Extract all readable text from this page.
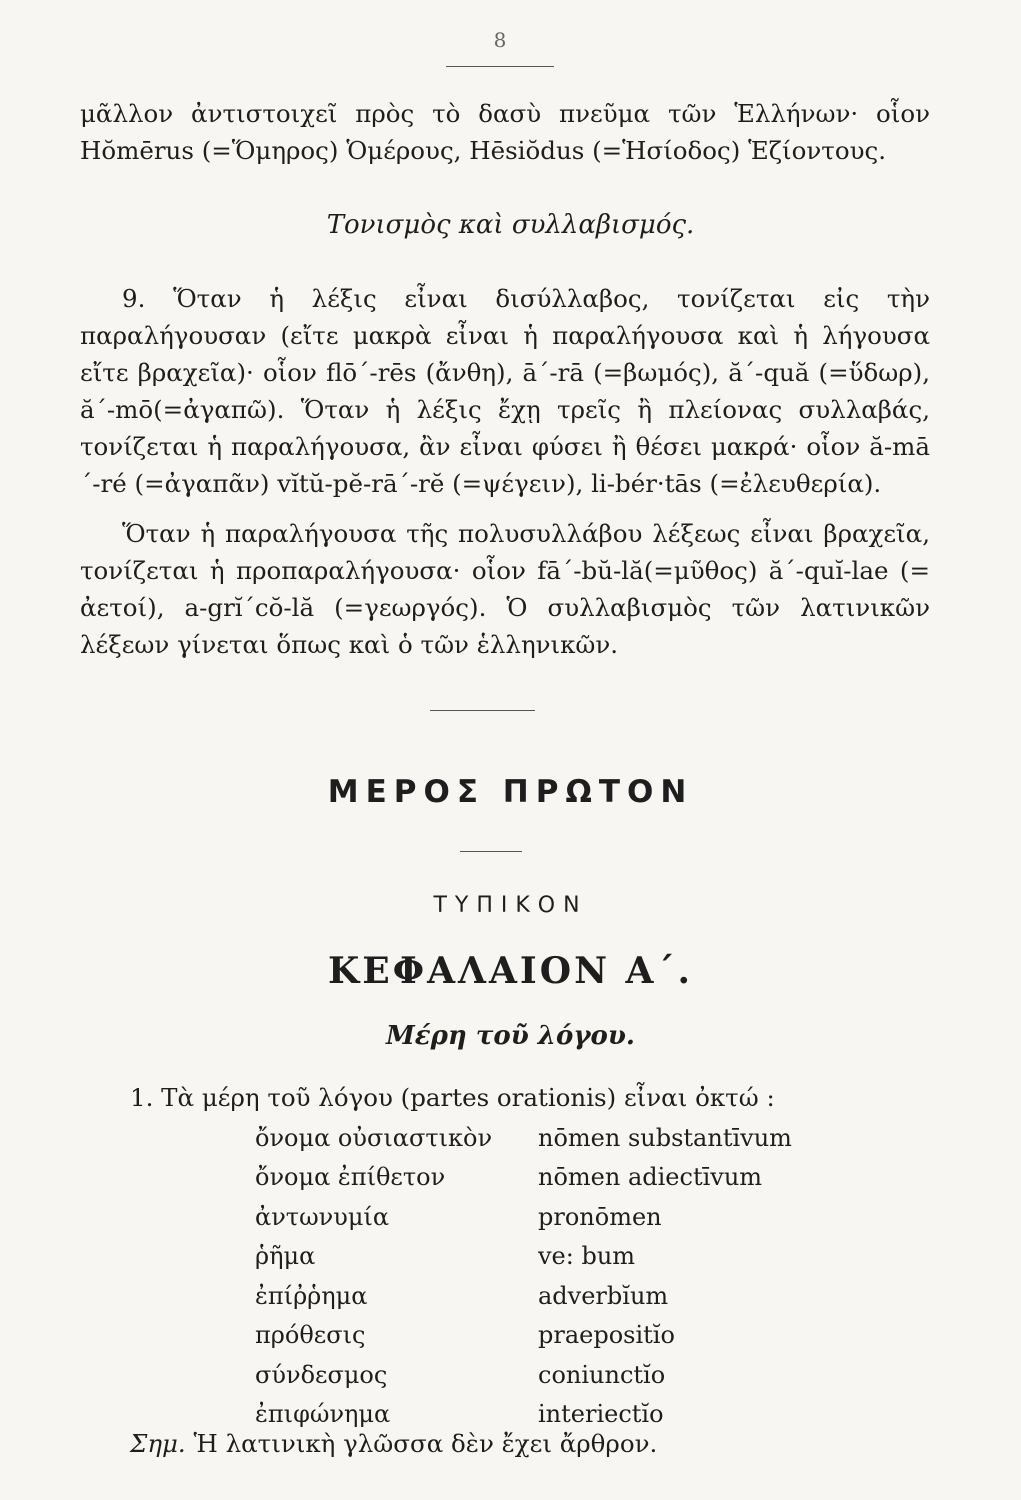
8

μᾶλλον ἀντιστοιχεῖ πρὸς τὸ δασὺ πνεῦμα τῶν Ἑλλήνων· οἷον Hŏmērus (=Ὅμηρος) Ὁμέρους, Hēsiŏdus (=Ἡσίοδος) Ἑζίοντους.

Τονισμὸς καὶ συλλαβισμός.

9. Ὅταν ἡ λέξις εἶναι δισύλλαβος, τονίζεται εἰς τὴν παραλήγουσαν (εἴτε μακρὰ εἶναι ἡ παραλήγουσα καὶ ἡ λήγουσα εἴτε βραχεῖα)· οἷον flō´-rēs (ἄνθη), ā´-rā (=βωμός), ă´-quă (=ὕδωρ), ă´-mō(=ἀγαπῶ). Ὅταν ἡ λέξις ἔχῃ τρεῖς ἢ πλείονας συλλαβάς, τονίζεται ἡ παραλήγουσα, ἂν εἶναι φύσει ἢ θέσει μακρά· οἷον ă-mā´-ré (=ἀγαπᾶν) vĭtŭ-pĕ-rā´-rĕ (=ψέγειν), li-bér·tās (=ἐλευθερία).

Ὅταν ἡ παραλήγουσα τῆς πολυσυλλάβου λέξεως εἶναι βραχεῖα, τονίζεται ἡ προπαραλήγουσα· οἷον fā´-bŭ-lă(=μῦθος) ă´-quĭ-lae (= ἀετοί), a-grĭ´cŏ-lă (=γεωργός). Ὁ συλλαβισμὸς τῶν λατινικῶν λέξεων γίνεται ὅπως καὶ ὁ τῶν ἑλληνικῶν.

ΜΕΡΟΣ ΠΡΩΤΟΝ
ΤΥΠΙΚΟΝ
ΚΕΦΑΛΑΙΟΝ Α΄.
Μέρη τοῦ λόγου.

1. Τὰ μέρη τοῦ λόγου (partes orationis) εἶναι ὀκτώ :

ὄνομα οὐσιαστικὸν	nōmen substantīvum
ὄνομα ἐπίθετον	nōmen adiectīvum
ἀντωνυμία	pronōmen
ῥῆμα	ve: bum
ἐπίῤῥημα	adverbĭum
πρόθεσις	praepositĭo
σύνδεσμος	coniunctĭo
ἐπιφώνημα	interiectĭo

Σημ. Ἡ λατινικὴ γλῶσσα δὲν ἔχει ἄρθρον.
